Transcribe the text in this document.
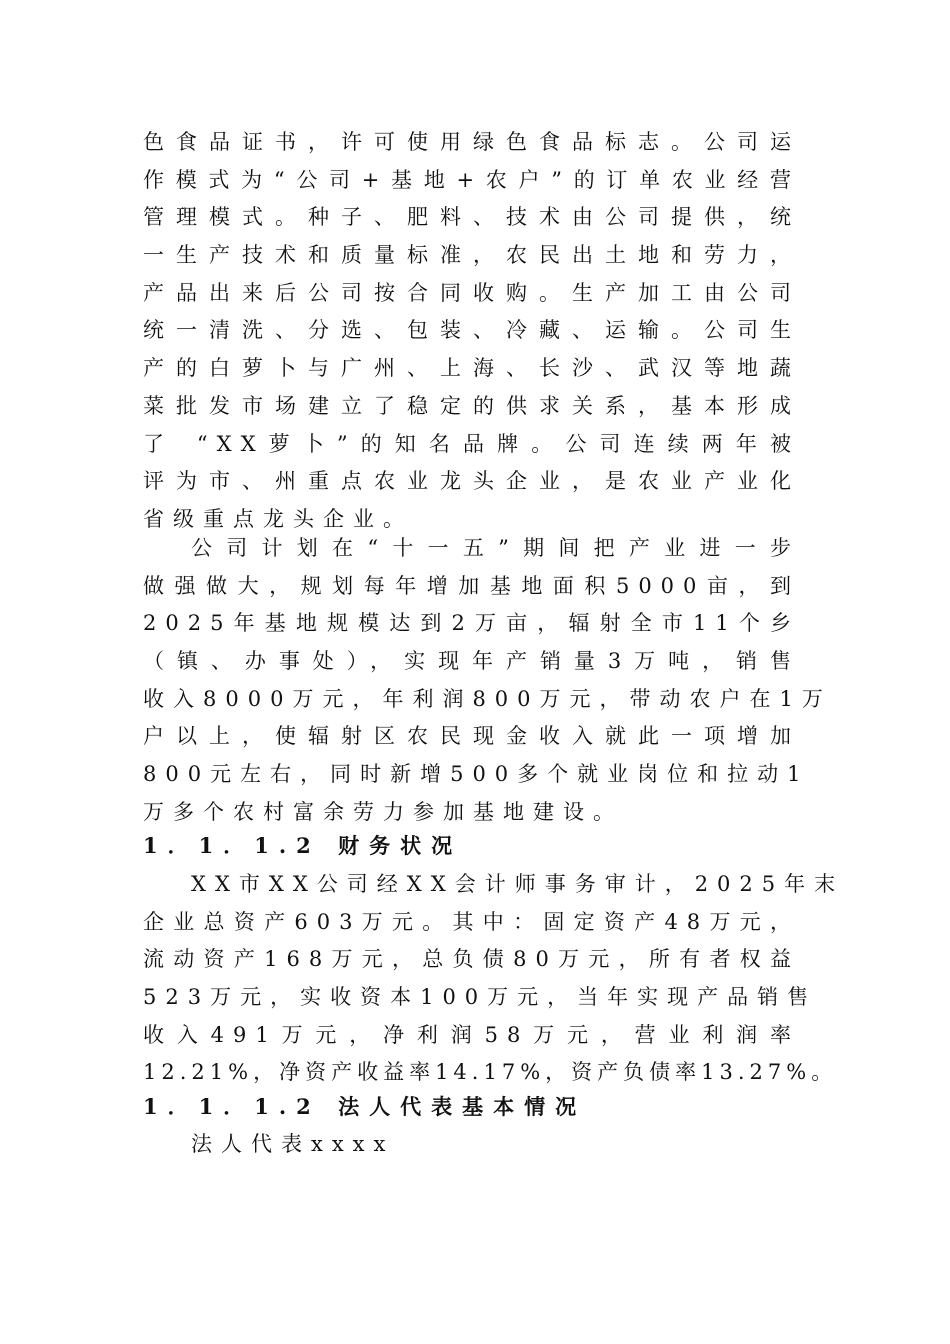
色食品证书，许可使用绿色食品标志。公司运
作模式为“公司+基地+农户”的订单农业经营
管理模式。种子、肥料、技术由公司提供，统
一生产技术和质量标准，农民出土地和劳力，
产品出来后公司按合同收购。生产加工由公司
统一清洗、分选、包装、冷藏、运输。公司生
产的白萝卜与广州、上海、长沙、武汉等地蔬
菜批发市场建立了稳定的供求关系，基本形成
了 “XX萝卜”的知名品牌。公司连续两年被
评为市、州重点农业龙头企业，是农业产业化
省级重点龙头企业。
公司计划在“十一五”期间把产业进一步
做强做大，规划每年增加基地面积5000亩，到
2025年基地规模达到2万亩，辐射全市11个乡
（镇、办事处），实现年产销量3万吨，销售
收入8000万元，年利润800万元，带动农户在1万
户以上，使辐射区农民现金收入就此一项增加
800元左右，同时新增500多个就业岗位和拉动1
万多个农村富余劳力参加基地建设。
1．1．1.2 财务状况
XX市XX公司经XX会计师事务审计，2025年末
企业总资产603万元。其中：固定资产48万元，
流动资产168万元，总负债80万元，所有者权益
523万元，实收资本100万元，当年实现产品销售
收入491万元，净利润58万元，营业利润率
12.21%，净资产收益率14.17%，资产负债率13.27%。
1．1．1.2 法人代表基本情况
法人代表xxxx
